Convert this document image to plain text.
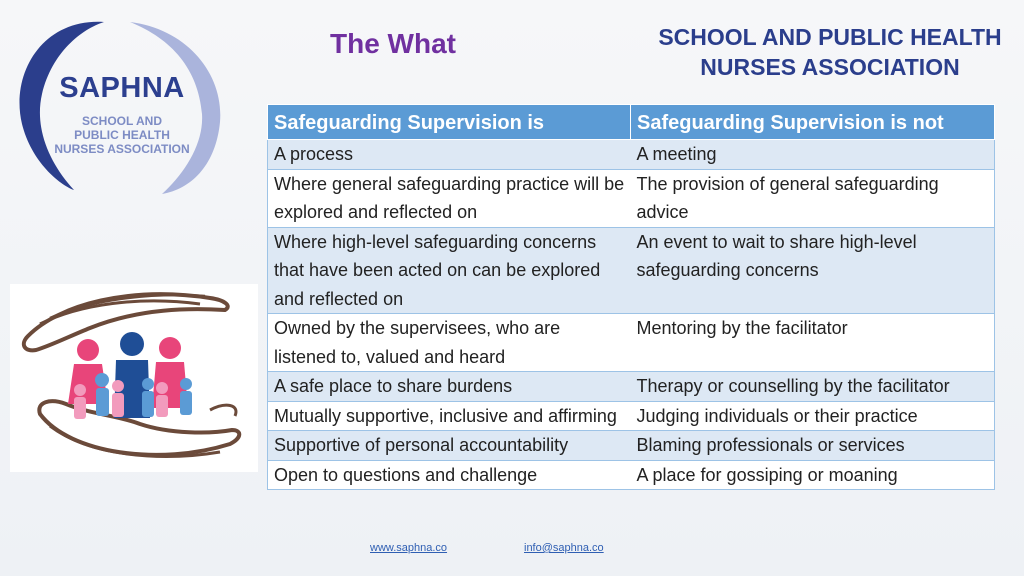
SAPHNA
SCHOOL AND
PUBLIC HEALTH
NURSES ASSOCIATION
The What	SCHOOL AND PUBLIC HEALTH
NURSES ASSOCIATION
Safeguarding Supervision is	Safeguarding Supervision is not
A process	A meeting
Where general safeguarding practice will be explored and reflected on	The provision of general safeguarding advice
Where high-level safeguarding concerns that have been acted on can be explored and reflected on	An event to wait to share high-level safeguarding concerns
Owned by the supervisees, who are listened to, valued and heard	Mentoring by the facilitator
A safe place to share burdens	Therapy or counselling by the facilitator
Mutually supportive, inclusive and affirming	Judging individuals or their practice
Supportive of personal accountability	Blaming professionals or services
Open to questions and challenge	A place for gossiping or moaning
www.saphna.co	info@saphna.co
